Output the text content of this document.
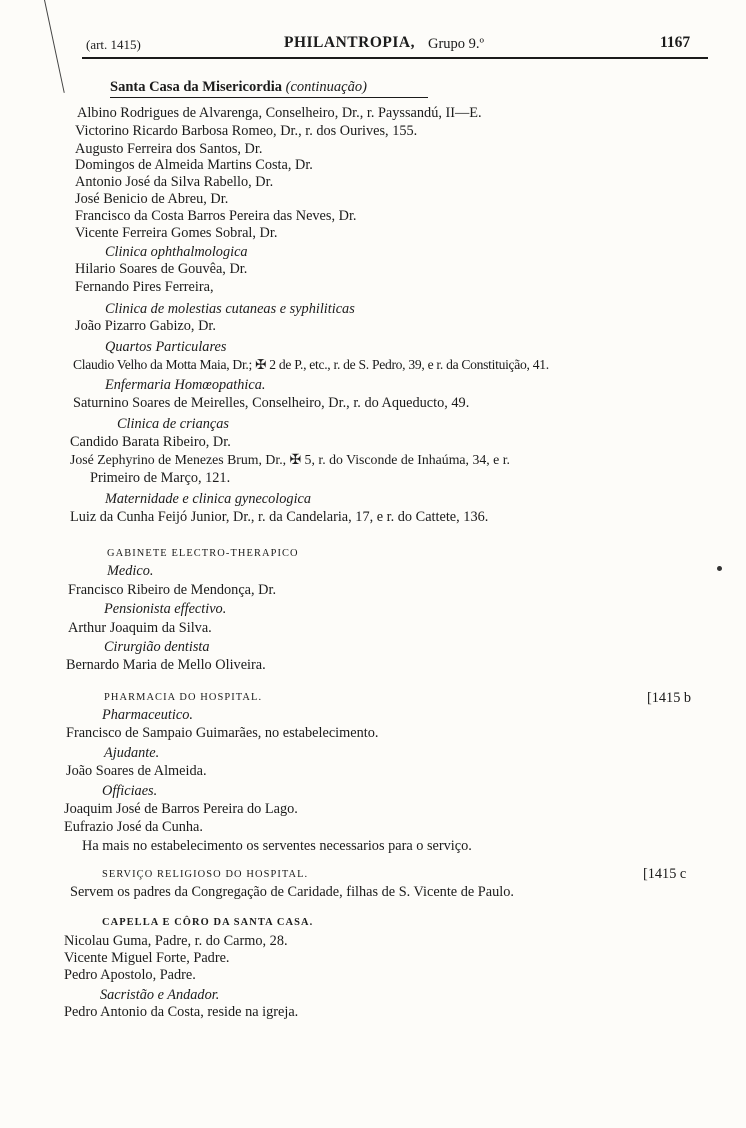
(art. 1415)	PHILANTROPIA, Grupo 9.º	1167
Santa Casa da Misericordia (continuação)
Albino Rodrigues de Alvarenga, Conselheiro, Dr., r. Payssandú, II—E.
Victorino Ricardo Barbosa Romeo, Dr., r. dos Ourives, 155.
Augusto Ferreira dos Santos, Dr.
Domingos de Almeida Martins Costa, Dr.
Antonio José da Silva Rabello, Dr.
José Benicio de Abreu, Dr.
Francisco da Costa Barros Pereira das Neves, Dr.
Vicente Ferreira Gomes Sobral, Dr.
Clinica ophthalmologica
Hilario Soares de Gouvêa, Dr.
Fernando Pires Ferreira,
Clinica de molestias cutaneas e syphiliticas
João Pizarro Gabizo, Dr.
Quartos Particulares
Claudio Velho da Motta Maia, Dr.; ✠ 2 de P., etc., r. de S. Pedro, 39, e r. da Constituição, 41.
Enfermaria Homœopathica.
Saturnino Soares de Meirelles, Conselheiro, Dr., r. do Aqueducto, 49.
Clinica de crianças
Candido Barata Ribeiro, Dr.
José Zephyrino de Menezes Brum, Dr., ✠ 5, r. do Visconde de Inhaúma, 34, e r.
Primeiro de Março, 121.
Maternidade e clinica gynecologica
Luiz da Cunha Feijó Junior, Dr., r. da Candelaria, 17, e r. do Cattete, 136.
GABINETE ELECTRO-THERAPICO
Medico.
Francisco Ribeiro de Mendonça, Dr.
Pensionista effectivo.
Arthur Joaquim da Silva.
Cirurgião dentista
Bernardo Maria de Mello Oliveira.
PHARMACIA DO HOSPITAL.	[1415 b
Pharmaceutico.
Francisco de Sampaio Guimarães, no estabelecimento.
Ajudante.
João Soares de Almeida.
Officiaes.
Joaquim José de Barros Pereira do Lago.
Eufrazio José da Cunha.
Ha mais no estabelecimento os serventes necessarios para o serviço.
SERVIÇO RELIGIOSO DO HOSPITAL.	[1415 c
Servem os padres da Congregação de Caridade, filhas de S. Vicente de Paulo.
CAPELLA E CÔRO DA SANTA CASA.
Nicolau Guma, Padre, r. do Carmo, 28.
Vicente Miguel Forte, Padre.
Pedro Apostolo, Padre.
Sacristão e Andador.
Pedro Antonio da Costa, reside na igreja.
